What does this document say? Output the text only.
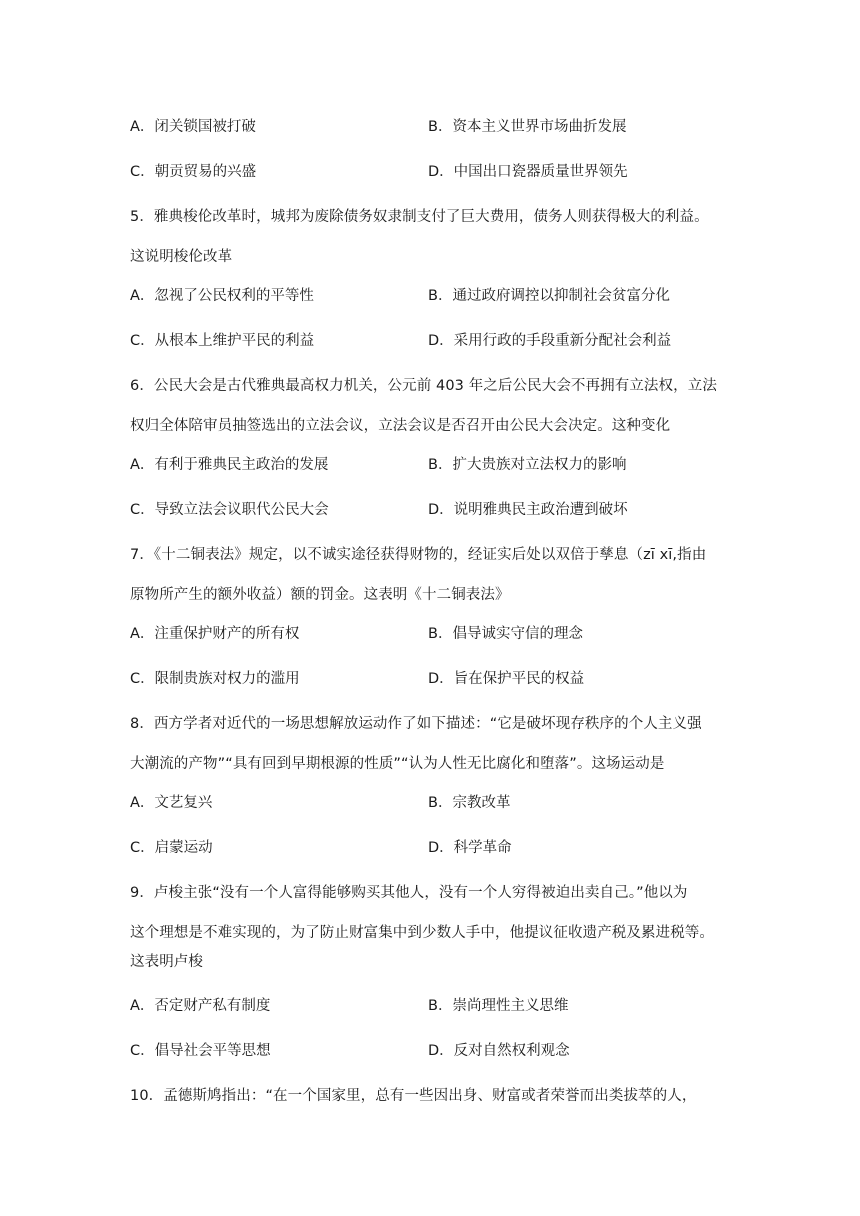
A．闭关锁国被打破	B．资本主义世界市场曲折发展
C．朝贡贸易的兴盛	D．中国出口瓷器质量世界领先
5．雅典梭伦改革时，城邦为废除债务奴隶制支付了巨大费用，债务人则获得极大的利益。
这说明梭伦改革
A．忽视了公民权利的平等性	B．通过政府调控以抑制社会贫富分化
C．从根本上维护平民的利益	D．采用行政的手段重新分配社会利益
6．公民大会是古代雅典最高权力机关，公元前 403 年之后公民大会不再拥有立法权，立法
权归全体陪审员抽签选出的立法会议，立法会议是否召开由公民大会决定。这种变化
A．有利于雅典民主政治的发展	B．扩大贵族对立法权力的影响
C．导致立法会议职代公民大会	D．说明雅典民主政治遭到破坏
7．《十二铜表法》规定，以不诚实途径获得财物的，经证实后处以双倍于孳息（zī xī,指由
原物所产生的额外收益）额的罚金。这表明《十二铜表法》
A．注重保护财产的所有权	B．倡导诚实守信的理念
C．限制贵族对权力的滥用	D．旨在保护平民的权益
8．西方学者对近代的一场思想解放运动作了如下描述：“它是破坏现存秩序的个人主义强
大潮流的产物”“具有回到早期根源的性质”“认为人性无比腐化和堕落”。这场运动是
A．文艺复兴	B．宗教改革
C．启蒙运动	D．科学革命
9．卢梭主张“没有一个人富得能够购买其他人，没有一个人穷得被迫出卖自己。”他以为
这个理想是不难实现的，为了防止财富集中到少数人手中，他提议征收遗产税及累进税等。
这表明卢梭
A．否定财产私有制度	B．崇尚理性主义思维
C．倡导社会平等思想	D．反对自然权利观念
10．孟德斯鸠指出：“在一个国家里，总有一些因出身、财富或者荣誉而出类拔萃的人，
